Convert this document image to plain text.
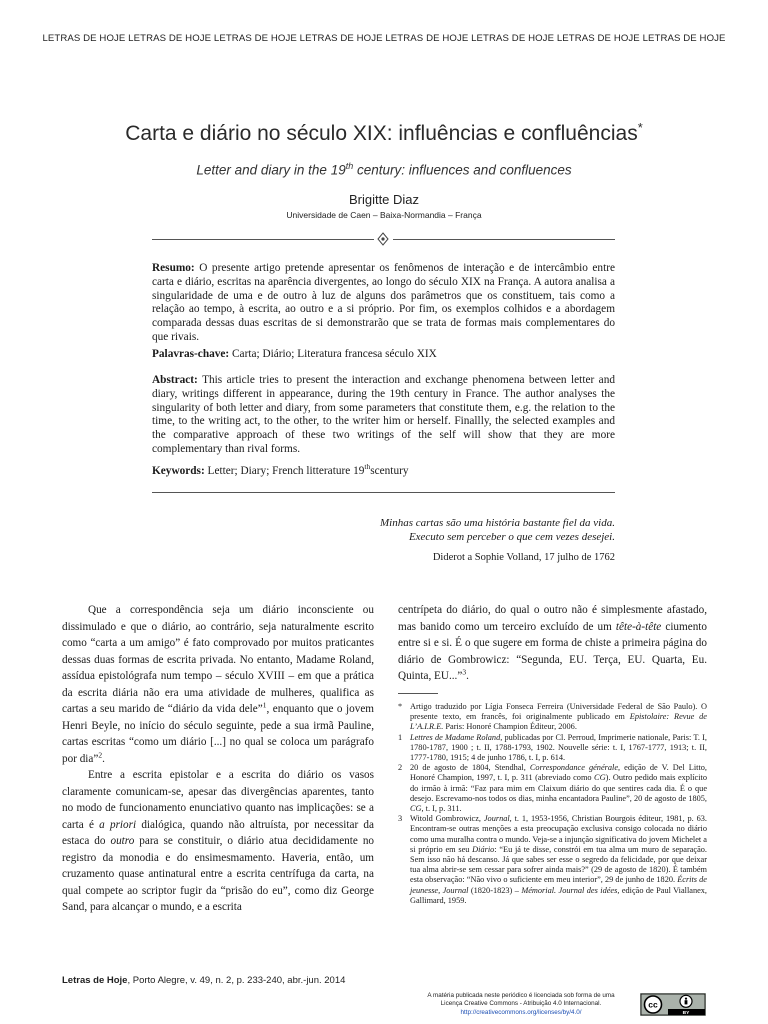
LETRAS DE HOJE LETRAS DE HOJE LETRAS DE HOJE LETRAS DE HOJE LETRAS DE HOJE LETRAS DE HOJE LETRAS DE HOJE LETRAS DE HOJE
Carta e diário no século XIX: influências e confluências*
Letter and diary in the 19th century: influences and confluences
Brigitte Diaz
Universidade de Caen – Baixa-Normandia – França
Resumo: O presente artigo pretende apresentar os fenômenos de interação e de intercâmbio entre carta e diário, escritas na aparência divergentes, ao longo do século XIX na França. A autora analisa a singularidade de uma e de outro à luz de alguns dos parâmetros que os constituem, tais como a relação ao tempo, à escrita, ao outro e a si próprio. Por fim, os exemplos colhidos e a abordagem comparada dessas duas escritas de si demonstrarão que se trata de formas mais complementares do que rivais.
Palavras-chave: Carta; Diário; Literatura francesa século XIX
Abstract: This article tries to present the interaction and exchange phenomena between letter and diary, writings different in appearance, during the 19th century in France. The author analyses the singularity of both letter and diary, from some parameters that constitute them, e.g. the relation to the time, to the writing act, to the other, to the writer him or herself. Finallly, the selected examples and the comparative approach of these two writings of the self will show that they are more complementary than rival forms.
Keywords: Letter; Diary; French litterature 19thscentury
Minhas cartas são uma história bastante fiel da vida.
Executo sem perceber o que cem vezes desejei.
Diderot a Sophie Volland, 17 julho de 1762

Que a correspondência seja um diário inconsciente ou dissimulado e que o diário, ao contrário, seja naturalmente escrito como “carta a um amigo” é fato comprovado por muitos praticantes dessas duas formas de escrita privada. No entanto, Madame Roland, assídua epistológrafa num tempo – século XVIII – em que a prática da escrita diária não era uma atividade de mulheres, qualifica as cartas a seu marido de “diário da vida dele”$^1$, enquanto que o jovem Henri Beyle, no início do século seguinte, pede a sua irmã Pauline, cartas escritas “como um diário [...] no qual se coloca um parágrafo por dia”$^2$.

Entre a escrita epistolar e a escrita do diário os vasos claramente comunicam-se, apesar das divergências aparentes, tanto no modo de funcionamento enunciativo quanto nas implicações: se a carta é a priori dialógica, quando não altruísta, por necessitar da estaca do outro para se constituir, o diário atua decididamente no registro da monodia e do ensimesmamento. Haveria, então, um cruzamento quase antinatural entre a escrita centrífuga da carta, na qual compete ao scriptor fugir da “prisão do eu”, como diz George Sand, para alcançar o mundo, e a escrita

centrípeta do diário, do qual o outro não é simplesmente afastado, mas banido como um terceiro excluído de um tête-à-tête ciumento entre si e si. É o que sugere em forma de chiste a primeira página do diário de Gombrowicz: “Segunda, EU. Terça, EU. Quarta, Eu. Quinta, EU...”$^3$.

* Artigo traduzido por Lígia Fonseca Ferreira (Universidade Federal de São Paulo). O presente texto, em francês, foi originalmente publicado em Epistolaire: Revue de L’A.I.R.E. Paris: Honoré Champion Éditeur, 2006.
1 Lettres de Madame Roland, publicadas por Cl. Perroud, Imprimerie nationale, Paris: T. I, 1780-1787, 1900 ; t. II, 1788-1793, 1902. Nouvelle série: t. I, 1767-1777, 1913; t. II, 1777-1780, 1915; 4 de junho 1786, t. I, p. 614.
2 20 de agosto de 1804, Stendhal, Correspondance générale, edição de V. Del Litto, Honoré Champion, 1997, t. I, p. 311 (abreviado como CG). Outro pedido mais explícito do irmão à irmã: “Faz para mim em Claixum diário do que sentires cada dia. É o que desejo. Escrevamo-nos todos os dias, minha encantadora Pauline”, 20 de agosto de 1805, CG, t. I, p. 311.
3 Witold Gombrowicz, Journal, t. 1, 1953-1956, Christian Bourgois éditeur, 1981, p. 63. Encontram-se outras menções a esta preocupação exclusiva consigo colocada no diário como uma muralha contra o mundo. Veja-se a injunção significativa do jovem Michelet a si próprio em seu Diário: “Eu já te disse, constrói em tua alma um muro de separação. Sem isso não há descanso. Já que sabes ser esse o segredo da felicidade, por que deixar tua alma abrir-se sem cessar para sofrer ainda mais?” (29 de agosto de 1820). É também esta observação: “Não vivo o suficiente em meu interior”, 29 de junho de 1820. Écrits de jeunesse, Journal (1820-1823) – Mémorial. Journal des idées, edição de Paul Viallanex, Gallimard, 1959.
Letras de Hoje, Porto Alegre, v. 49, n. 2, p. 233-240, abr.-jun. 2014
A matéria publicada neste periódico é licenciada sob forma de uma
Licença Creative Commons - Atribuição 4.0 Internacional.
http://creativecommons.org/licenses/by/4.0/
cc
BY
